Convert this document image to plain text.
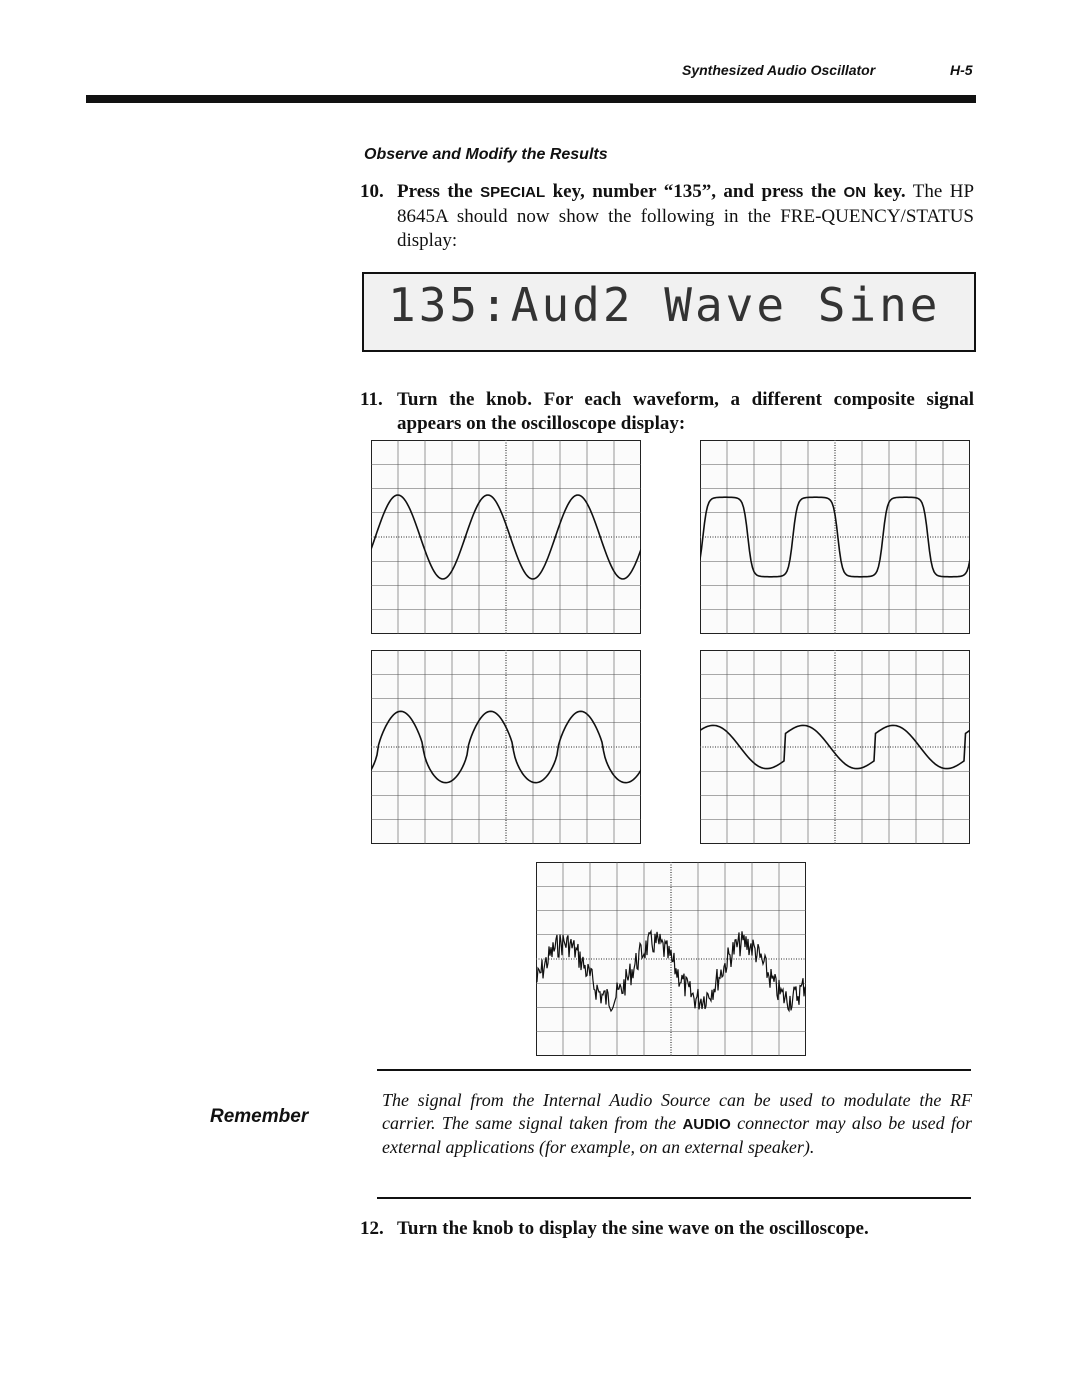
Synthesized Audio Oscillator	H-5
Observe and Modify the Results
10. Press the SPECIAL key, number “135”, and press the ON key. The HP 8645A should now show the following in the FRE-QUENCY/STATUS display:
135:Aud2 Wave Sine
11. Turn the knob. For each waveform, a different composite signal appears on the oscilloscope display:
Remember
The signal from the Internal Audio Source can be used to modulate the RF carrier. The same signal taken from the AUDIO connector may also be used for external applications (for example, on an external speaker).
12. Turn the knob to display the sine wave on the oscilloscope.
